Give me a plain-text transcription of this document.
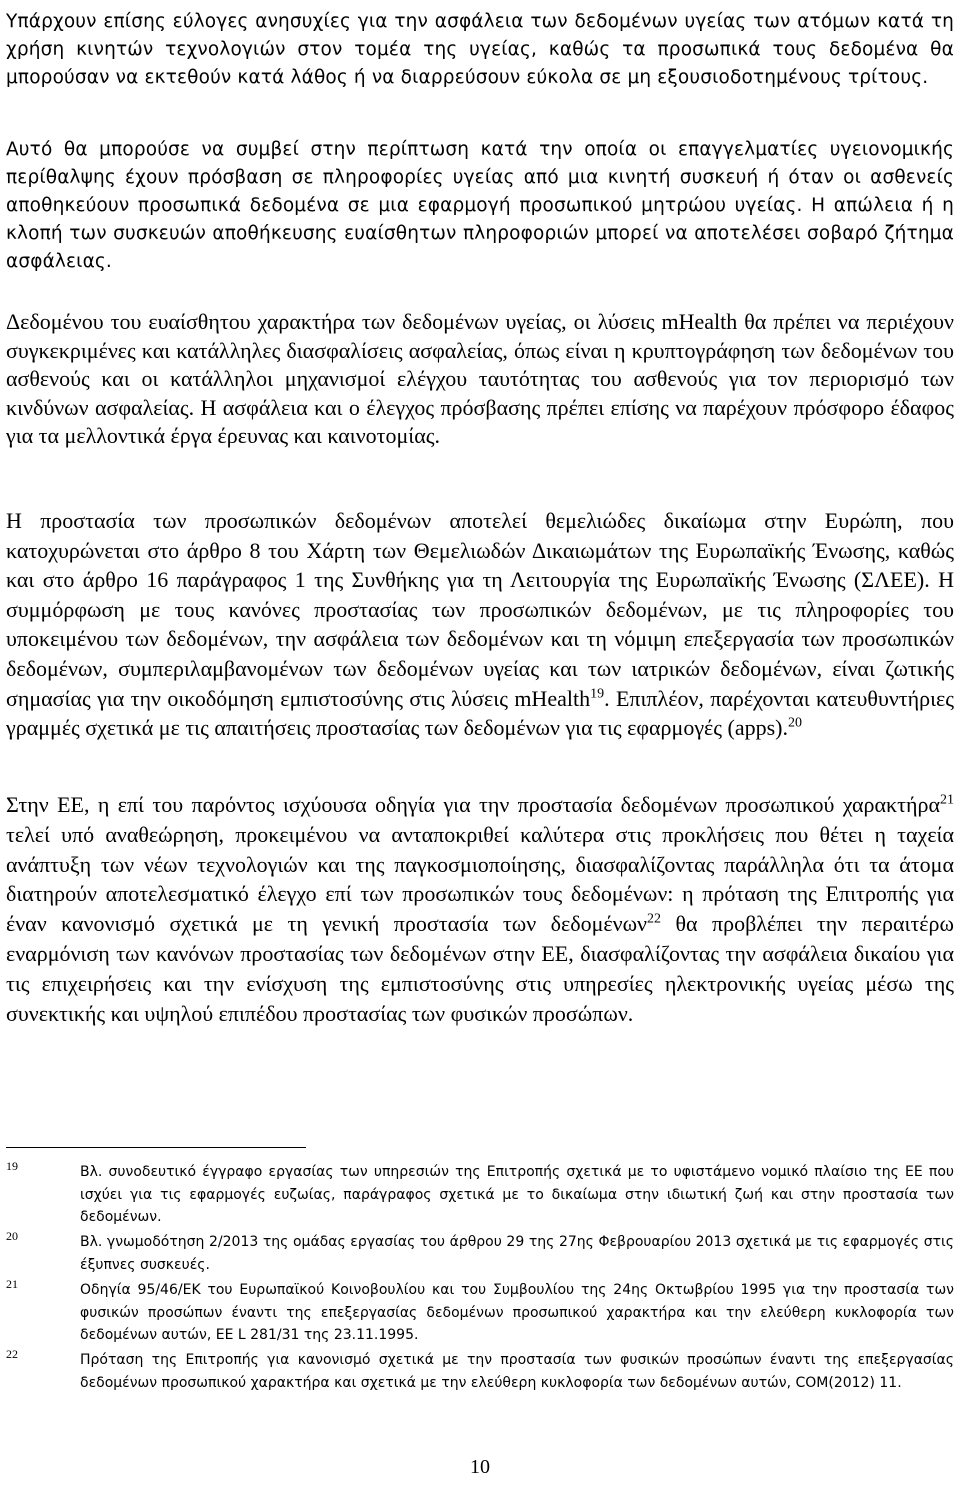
Υπάρχουν επίσης εύλογες ανησυχίες για την ασφάλεια των δεδομένων υγείας των ατόμων κατά τη χρήση κινητών τεχνολογιών στον τομέα της υγείας, καθώς τα προσωπικά τους δεδομένα θα μπορούσαν να εκτεθούν κατά λάθος ή να διαρρεύσουν εύκολα σε μη εξουσιοδοτημένους τρίτους.

Αυτό θα μπορούσε να συμβεί στην περίπτωση κατά την οποία οι επαγγελματίες υγειονομικής περίθαλψης έχουν πρόσβαση σε πληροφορίες υγείας από μια κινητή συσκευή ή όταν οι ασθενείς αποθηκεύουν προσωπικά δεδομένα σε μια εφαρμογή προσωπικού μητρώου υγείας. Η απώλεια ή η κλοπή των συσκευών αποθήκευσης ευαίσθητων πληροφοριών μπορεί να αποτελέσει σοβαρό ζήτημα ασφάλειας.

Δεδομένου του ευαίσθητου χαρακτήρα των δεδομένων υγείας, οι λύσεις mHealth θα πρέπει να περιέχουν συγκεκριμένες και κατάλληλες διασφαλίσεις ασφαλείας, όπως είναι η κρυπτογράφηση των δεδομένων του ασθενούς και οι κατάλληλοι μηχανισμοί ελέγχου ταυτότητας του ασθενούς για τον περιορισμό των κινδύνων ασφαλείας. Η ασφάλεια και ο έλεγχος πρόσβασης πρέπει επίσης να παρέχουν πρόσφορο έδαφος για τα μελλοντικά έργα έρευνας και καινοτομίας.

Η προστασία των προσωπικών δεδομένων αποτελεί θεμελιώδες δικαίωμα στην Ευρώπη, που κατοχυρώνεται στο άρθρο 8 του Χάρτη των Θεμελιωδών Δικαιωμάτων της Ευρωπαϊκής Ένωσης, καθώς και στο άρθρο 16 παράγραφος 1 της Συνθήκης για τη Λειτουργία της Ευρωπαϊκής Ένωσης (ΣΛΕΕ). Η συμμόρφωση με τους κανόνες προστασίας των προσωπικών δεδομένων, με τις πληροφορίες του υποκειμένου των δεδομένων, την ασφάλεια των δεδομένων και τη νόμιμη επεξεργασία των προσωπικών δεδομένων, συμπεριλαμβανομένων των δεδομένων υγείας και των ιατρικών δεδομένων, είναι ζωτικής σημασίας για την οικοδόμηση εμπιστοσύνης στις λύσεις mHealth$^{19}$. Επιπλέον, παρέχονται κατευθυντήριες γραμμές σχετικά με τις απαιτήσεις προστασίας των δεδομένων για τις εφαρμογές (apps).$^{20}$

Στην ΕΕ, η επί του παρόντος ισχύουσα οδηγία για την προστασία δεδομένων προσωπικού χαρακτήρα$^{21}$ τελεί υπό αναθεώρηση, προκειμένου να ανταποκριθεί καλύτερα στις προκλήσεις που θέτει η ταχεία ανάπτυξη των νέων τεχνολογιών και της παγκοσμιοποίησης, διασφαλίζοντας παράλληλα ότι τα άτομα διατηρούν αποτελεσματικό έλεγχο επί των προσωπικών τους δεδομένων: η πρόταση της Επιτροπής για έναν κανονισμό σχετικά με τη γενική προστασία των δεδομένων$^{22}$ θα προβλέπει την περαιτέρω εναρμόνιση των κανόνων προστασίας των δεδομένων στην ΕΕ, διασφαλίζοντας την ασφάλεια δικαίου για τις επιχειρήσεις και την ενίσχυση της εμπιστοσύνης στις υπηρεσίες ηλεκτρονικής υγείας μέσω της συνεκτικής και υψηλού επιπέδου προστασίας των φυσικών προσώπων.

19	Βλ. συνοδευτικό έγγραφο εργασίας των υπηρεσιών της Επιτροπής σχετικά με το υφιστάμενο νομικό πλαίσιο της ΕΕ που ισχύει για τις εφαρμογές ευζωίας, παράγραφος σχετικά με το δικαίωμα στην ιδιωτική ζωή και στην προστασία των δεδομένων.
20	Βλ. γνωμοδότηση 2/2013 της ομάδας εργασίας του άρθρου 29 της 27ης Φεβρουαρίου 2013 σχετικά με τις εφαρμογές στις έξυπνες συσκευές.
21	Οδηγία 95/46/ΕΚ του Ευρωπαϊκού Κοινοβουλίου και του Συμβουλίου της 24ης Οκτωβρίου 1995 για την προστασία των φυσικών προσώπων έναντι της επεξεργασίας δεδομένων προσωπικού χαρακτήρα και την ελεύθερη κυκλοφορία των δεδομένων αυτών, ΕΕ L 281/31 της 23.11.1995.
22	Πρόταση της Επιτροπής για κανονισμό σχετικά με την προστασία των φυσικών προσώπων έναντι της επεξεργασίας δεδομένων προσωπικού χαρακτήρα και σχετικά με την ελεύθερη κυκλοφορία των δεδομένων αυτών, COM(2012) 11.
10
